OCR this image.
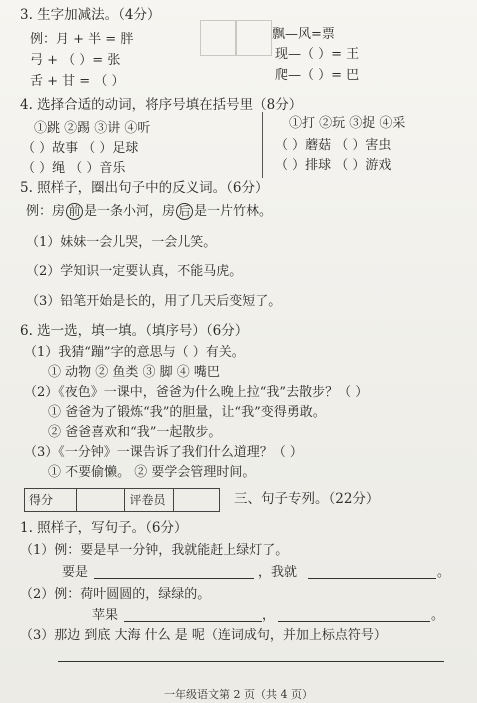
3. 生字加减法。（4分）
例：月 + 半 = 胖
弓 + （ ）= 张
舌 + 甘 = （ ）
飘—风=票
现—（ ）= 王
爬—（ ）= 巴
4. 选择合适的动词，将序号填在括号里（8分）
①跳 ②踢 ③讲 ④听
（ ）故事 （ ）足球
（ ）绳 （ ）音乐
①打 ②玩 ③捉 ④采
（ ）蘑菇 （ ）害虫
（ ）排球 （ ）游戏
5. 照样子，圈出句子中的反义词。（6分）
例：房 前 是一条小河，房 后 是一片竹林。
（1）妹妹一会儿哭，一会儿笑。
（2）学知识一定要认真，不能马虎。
（3）铅笔开始是长的，用了几天后变短了。
6. 选一选，填一填。（填序号）（6分）
（1）我猜“蹦”字的意思与（ ）有关。
① 动物 ② 鱼类 ③ 脚 ④ 嘴巴
（2）《夜色》一课中，爸爸为什么晚上拉“我”去散步？（ ）
① 爸爸为了锻炼“我”的胆量，让“我”变得勇敢。
② 爸爸喜欢和“我”一起散步。
（3）《一分钟》一课告诉了我们什么道理？（ ）
① 不要偷懒。 ② 要学会管理时间。
得分	评卷员	三、句子专列。（22分）
1. 照样子，写句子。（6分）
（1）例：要是早一分钟，我就能赶上绿灯了。
要是	，我就	。
（2）例：荷叶圆圆的，绿绿的。
苹果	，	。
（3）那边 到底 大海 什么 是 呢（连词成句，并加上标点符号）
一年级语文第 2 页（共 4 页）
